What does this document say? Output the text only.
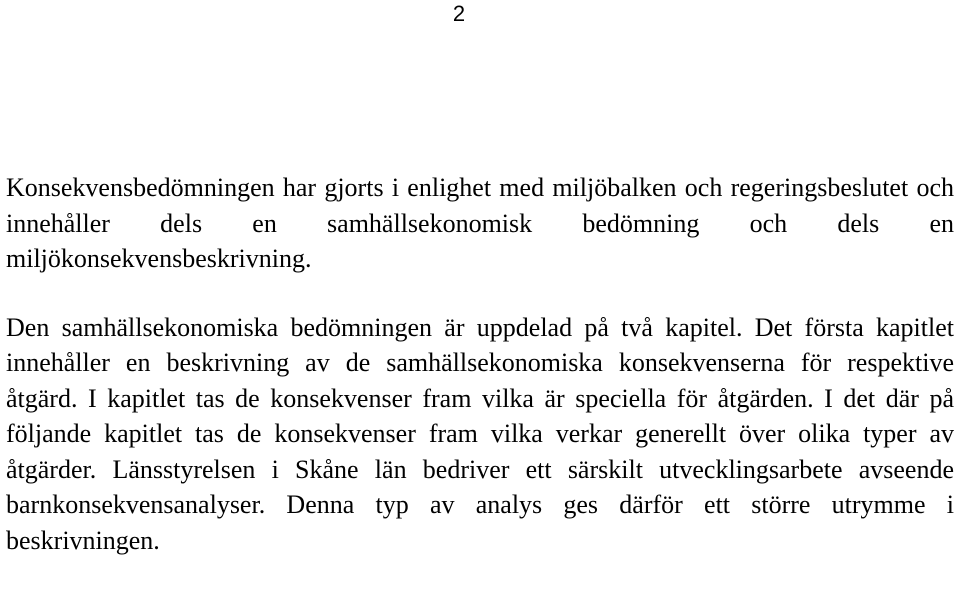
2

Konsekvensbedömningen har gjorts i enlighet med miljöbalken och regeringsbeslutet och innehåller dels en samhällsekonomisk bedömning och dels en miljökonsekvensbeskrivning.

Den samhällsekonomiska bedömningen är uppdelad på två kapitel. Det första kapitlet innehåller en beskrivning av de samhällsekonomiska konsekvenserna för respektive åtgärd. I kapitlet tas de konsekvenser fram vilka är speciella för åtgärden. I det där på följande kapitlet tas de konsekvenser fram vilka verkar generellt över olika typer av åtgärder. Länsstyrelsen i Skåne län bedriver ett särskilt utvecklingsarbete avseende barnkonsekvensanalyser. Denna typ av analys ges därför ett större utrymme i beskrivningen.
